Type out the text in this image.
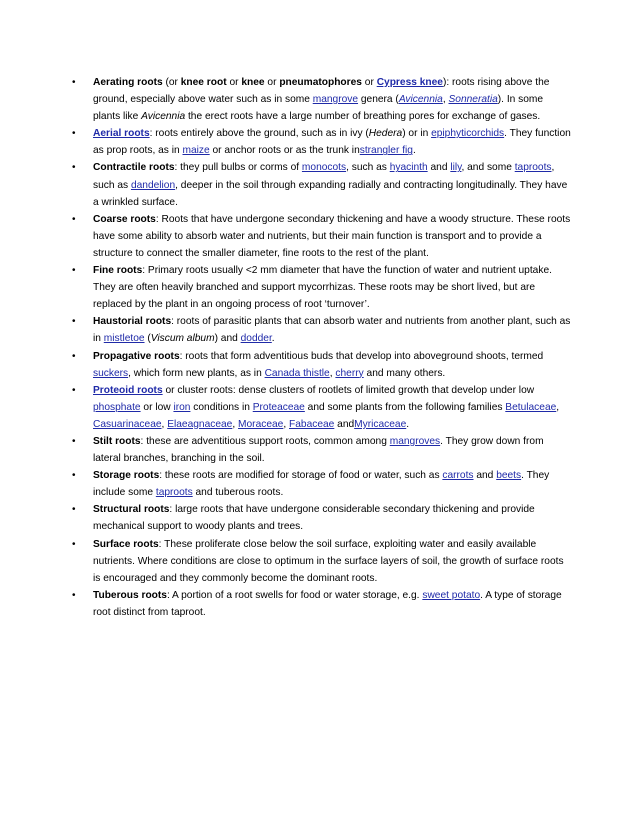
• Aerating roots (or knee root or knee or pneumatophores or Cypress knee): roots rising above the ground, especially above water such as in some mangrove genera (Avicennia, Sonneratia). In some plants like Avicennia the erect roots have a large number of breathing pores for exchange of gases.
• Aerial roots: roots entirely above the ground, such as in ivy (Hedera) or in epiphyticorchids. They function as prop roots, as in maize or anchor roots or as the trunk instrangler fig.
• Contractile roots: they pull bulbs or corms of monocots, such as hyacinth and lily, and some taproots, such as dandelion, deeper in the soil through expanding radially and contracting longitudinally. They have a wrinkled surface.
• Coarse roots: Roots that have undergone secondary thickening and have a woody structure. These roots have some ability to absorb water and nutrients, but their main function is transport and to provide a structure to connect the smaller diameter, fine roots to the rest of the plant.
• Fine roots: Primary roots usually <2 mm diameter that have the function of water and nutrient uptake. They are often heavily branched and support mycorrhizas. These roots may be short lived, but are replaced by the plant in an ongoing process of root ‘turnover’.
• Haustorial roots: roots of parasitic plants that can absorb water and nutrients from another plant, such as in mistletoe (Viscum album) and dodder.
• Propagative roots: roots that form adventitious buds that develop into aboveground shoots, termed suckers, which form new plants, as in Canada thistle, cherry and many others.
• Proteoid roots or cluster roots: dense clusters of rootlets of limited growth that develop under low phosphate or low iron conditions in Proteaceae and some plants from the following families Betulaceae, Casuarinaceae, Elaeagnaceae, Moraceae, Fabaceae andMyricaceae.
• Stilt roots: these are adventitious support roots, common among mangroves. They grow down from lateral branches, branching in the soil.
• Storage roots: these roots are modified for storage of food or water, such as carrots and beets. They include some taproots and tuberous roots.
• Structural roots: large roots that have undergone considerable secondary thickening and provide mechanical support to woody plants and trees.
• Surface roots: These proliferate close below the soil surface, exploiting water and easily available nutrients. Where conditions are close to optimum in the surface layers of soil, the growth of surface roots is encouraged and they commonly become the dominant roots.
• Tuberous roots: A portion of a root swells for food or water storage, e.g. sweet potato. A type of storage root distinct from taproot.
